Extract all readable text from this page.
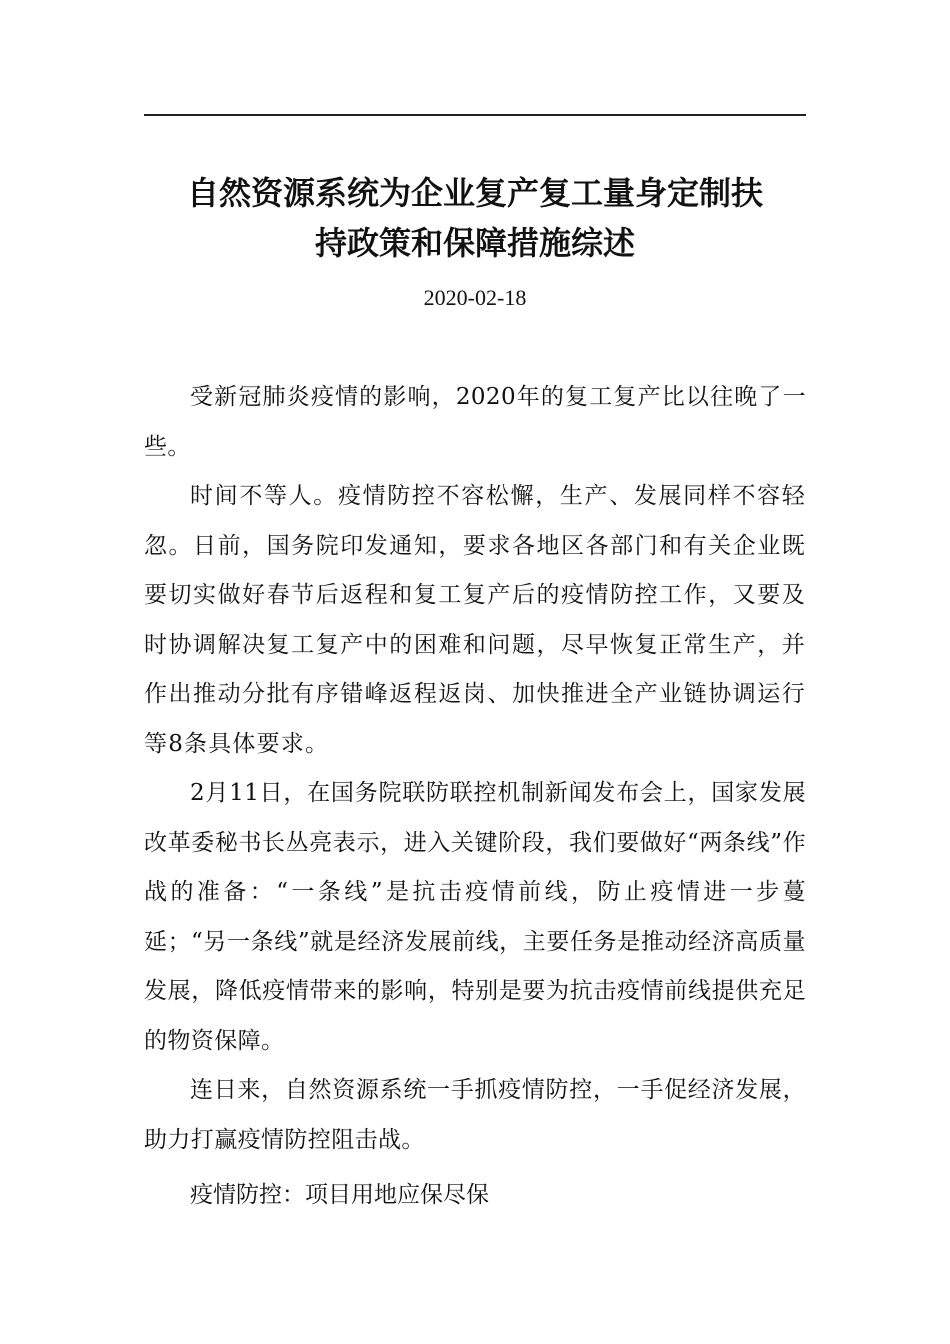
自然资源系统为企业复产复工量身定制扶
持政策和保障措施综述
2020-02-18

受新冠肺炎疫情的影响，2020年的复工复产比以往晚了一些。

时间不等人。疫情防控不容松懈，生产、发展同样不容轻忽。日前，国务院印发通知，要求各地区各部门和有关企业既要切实做好春节后返程和复工复产后的疫情防控工作，又要及时协调解决复工复产中的困难和问题，尽早恢复正常生产，并作出推动分批有序错峰返程返岗、加快推进全产业链协调运行等8条具体要求。

2月11日，在国务院联防联控机制新闻发布会上，国家发展改革委秘书长丛亮表示，进入关键阶段，我们要做好“两条线”作战的准备：“一条线”是抗击疫情前线，防止疫情进一步蔓延；“另一条线”就是经济发展前线，主要任务是推动经济高质量发展，降低疫情带来的影响，特别是要为抗击疫情前线提供充足的物资保障。

连日来，自然资源系统一手抓疫情防控，一手促经济发展，助力打赢疫情防控阻击战。

疫情防控：项目用地应保尽保
